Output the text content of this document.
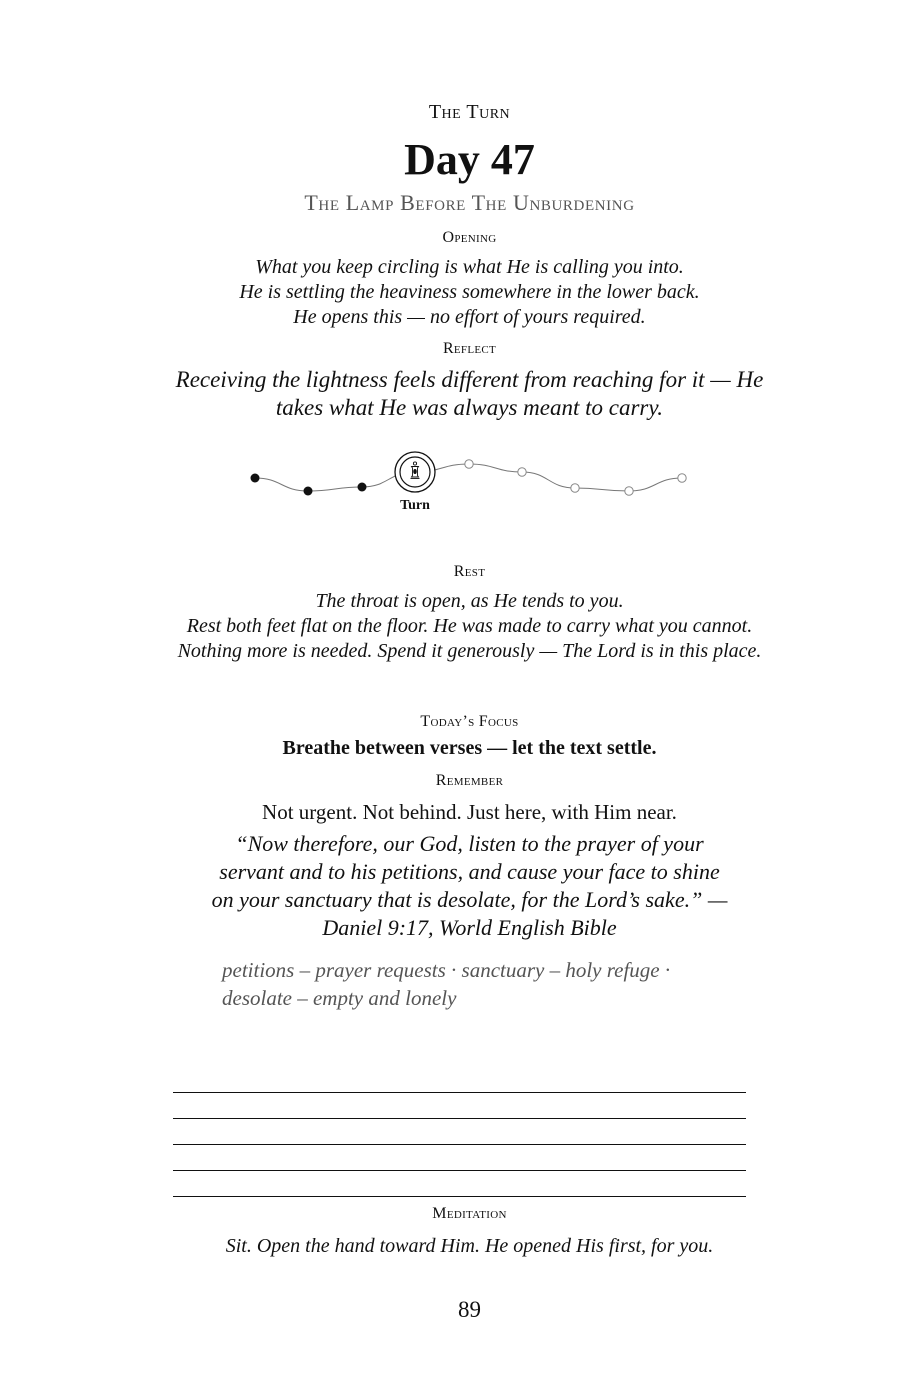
The Turn
Day 47
The Lamp Before The Unburdening
Opening
What you keep circling is what He is calling you into.
He is settling the heaviness somewhere in the lower back.
He opens this — no effort of yours required.
Reflect
Receiving the lightness feels different from reaching for it — He takes what He was always meant to carry.
Turn
Rest
The throat is open, as He tends to you.
Rest both feet flat on the floor. He was made to carry what you cannot.
Nothing more is needed. Spend it generously — The Lord is in this place.
Today’s Focus
Breathe between verses — let the text settle.
Remember
Not urgent. Not behind. Just here, with Him near.
“Now therefore, our God, listen to the prayer of your servant and to his petitions, and cause your face to shine on your sanctuary that is desolate, for the Lord’s sake.” — Daniel 9:17, World English Bible
petitions – prayer requests · sanctuary – holy refuge · desolate – empty and lonely
Meditation
Sit. Open the hand toward Him. He opened His first, for you.
89
